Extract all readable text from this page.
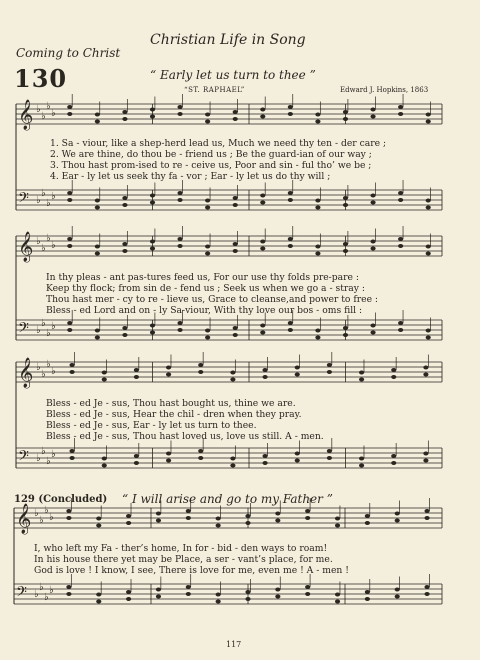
Christian Life in Song
Coming to Christ
130	“ Early let us turn to thee ”
“ST. RAPHAEL”	Edward J. Hopkins, 1863
𝄞 ♭
♭
♭
♭
𝄢 ♭
♭
♭
♭
𝄞 ♭
♭
♭
♭
𝄢 ♭
♭
♭
♭
𝄞 ♭
♭
♭
♭
𝄢 ♭
♭
♭
♭
𝄞 ♭
♭
♭
♭
𝄢 ♭
♭
♭
♭
1. Sa - viour, like a shep-herd lead us, Much we need thy ten - der care ;
2. We are thine, do thou be - friend us ; Be the guard-ian of our way ;
3. Thou hast prom-ised to re - ceive us, Poor and sin - ful tho’ we be ;
4. Ear - ly let us seek thy fa - vor ; Ear - ly let us do thy will ;
In thy pleas - ant pas-tures feed us, For our use thy folds pre-pare :
Keep thy flock; from sin de - fend us ; Seek us when we go a - stray :
Thou hast mer - cy to re - lieve us, Grace to cleanse,and power to free :
Bless - ed Lord and on - ly Sa-viour, With thy love our bos - oms fill :
Bless - ed Je - sus, Thou hast bought us, thine we are.
Bless - ed Je - sus, Hear the chil - dren when they pray.
Bless - ed Je - sus, Ear - ly let us turn to thee.
Bless - ed Je - sus, Thou hast loved us, love us still. A - men.
129 (Concluded) “ I will arise and go to my Father ”
I, who left my Fa - ther’s home, In for - bid - den ways to roam!
In his house there yet may be Place, a ser - vant’s place, for me.
God is love ! I know, I see, There is love for me, even me ! A - men !
117
